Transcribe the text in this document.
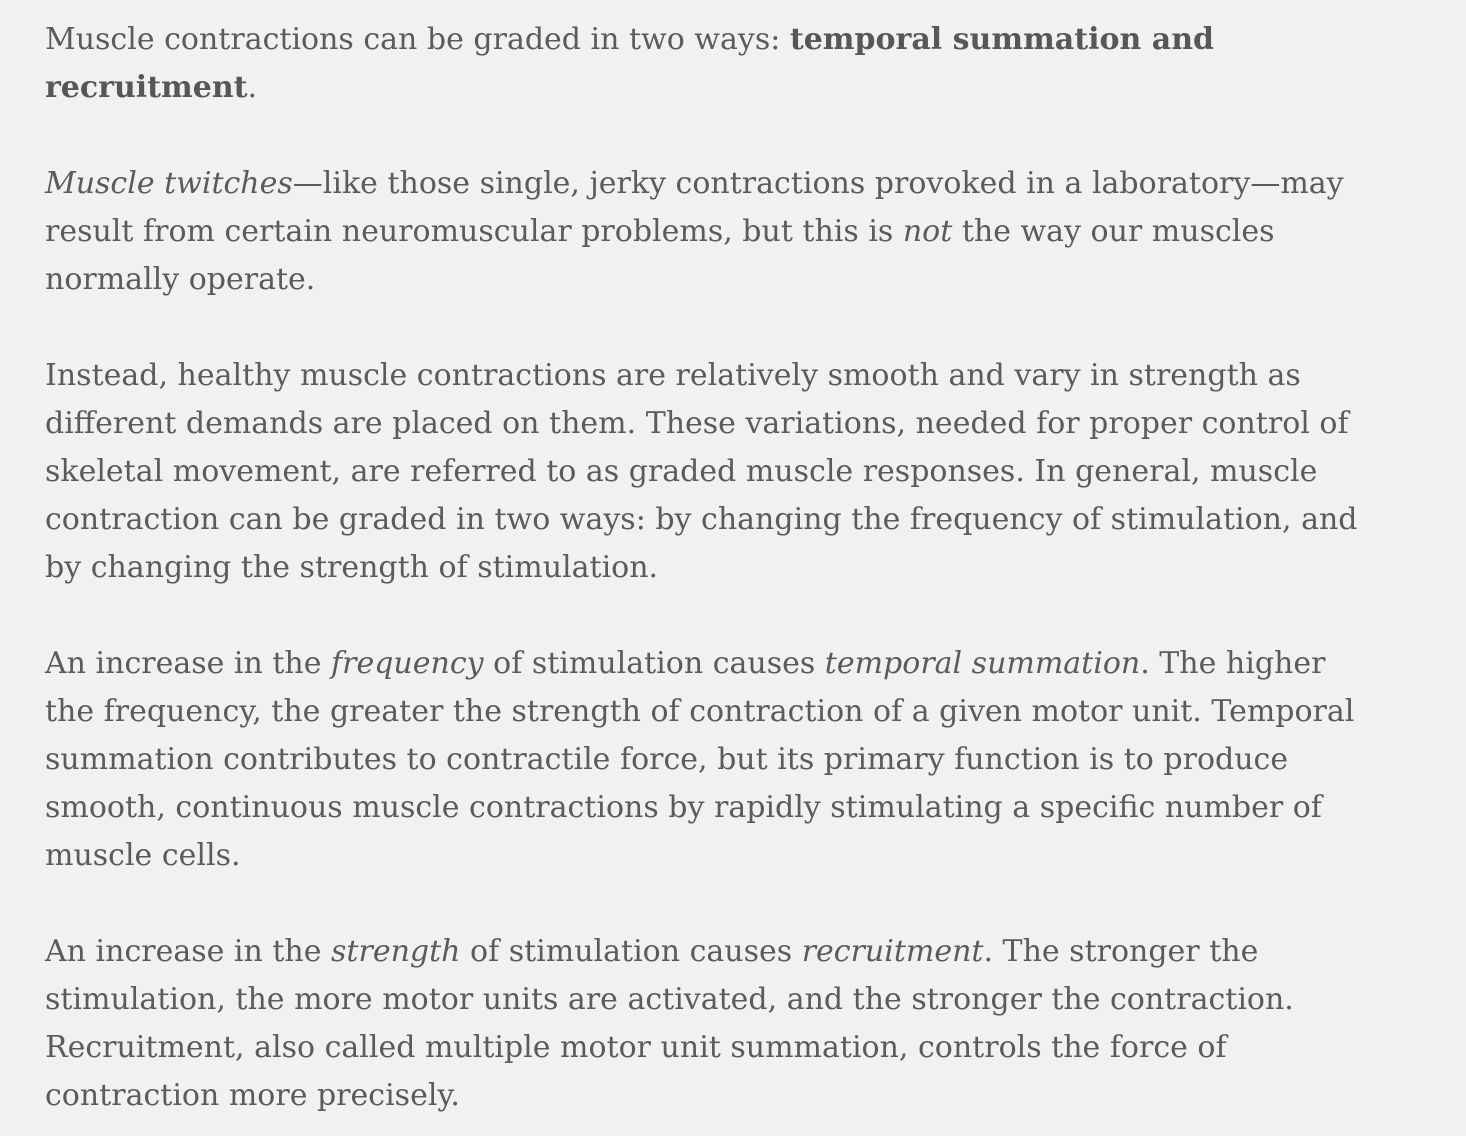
Muscle contractions can be graded in two ways: temporal summation and recruitment.

Muscle twitches—like those single, jerky contractions provoked in a laboratory—may result from certain neuromuscular problems, but this is not the way our muscles normally operate.

Instead, healthy muscle contractions are relatively smooth and vary in strength as different demands are placed on them. These variations, needed for proper control of skeletal movement, are referred to as graded muscle responses. In general, muscle contraction can be graded in two ways: by changing the frequency of stimulation, and by changing the strength of stimulation.

An increase in the frequency of stimulation causes temporal summation. The higher the frequency, the greater the strength of contraction of a given motor unit. Temporal summation contributes to contractile force, but its primary function is to produce smooth, continuous muscle contractions by rapidly stimulating a specific number of muscle cells.

An increase in the strength of stimulation causes recruitment. The stronger the stimulation, the more motor units are activated, and the stronger the contraction. Recruitment, also called multiple motor unit summation, controls the force of contraction more precisely.
